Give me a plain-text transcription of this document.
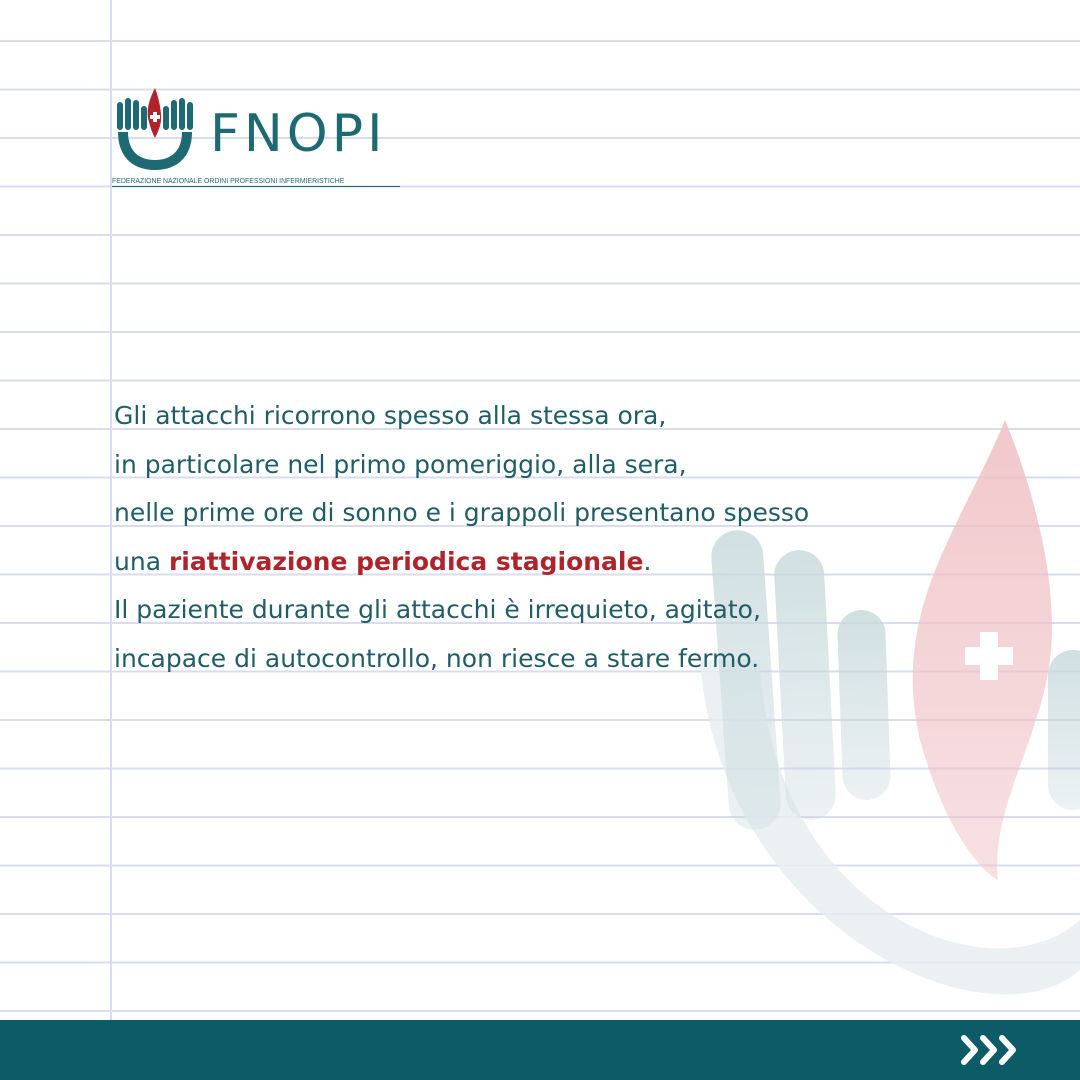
FNOPI
FEDERAZIONE NAZIONALE ORDINI PROFESSIONI INFERMIERISTICHE

Gli attacchi ricorrono spesso alla stessa ora,
in particolare nel primo pomeriggio, alla sera,
nelle prime ore di sonno e i grappoli presentano spesso
una riattivazione periodica stagionale.
Il paziente durante gli attacchi è irrequieto, agitato,
incapace di autocontrollo, non riesce a stare fermo.
